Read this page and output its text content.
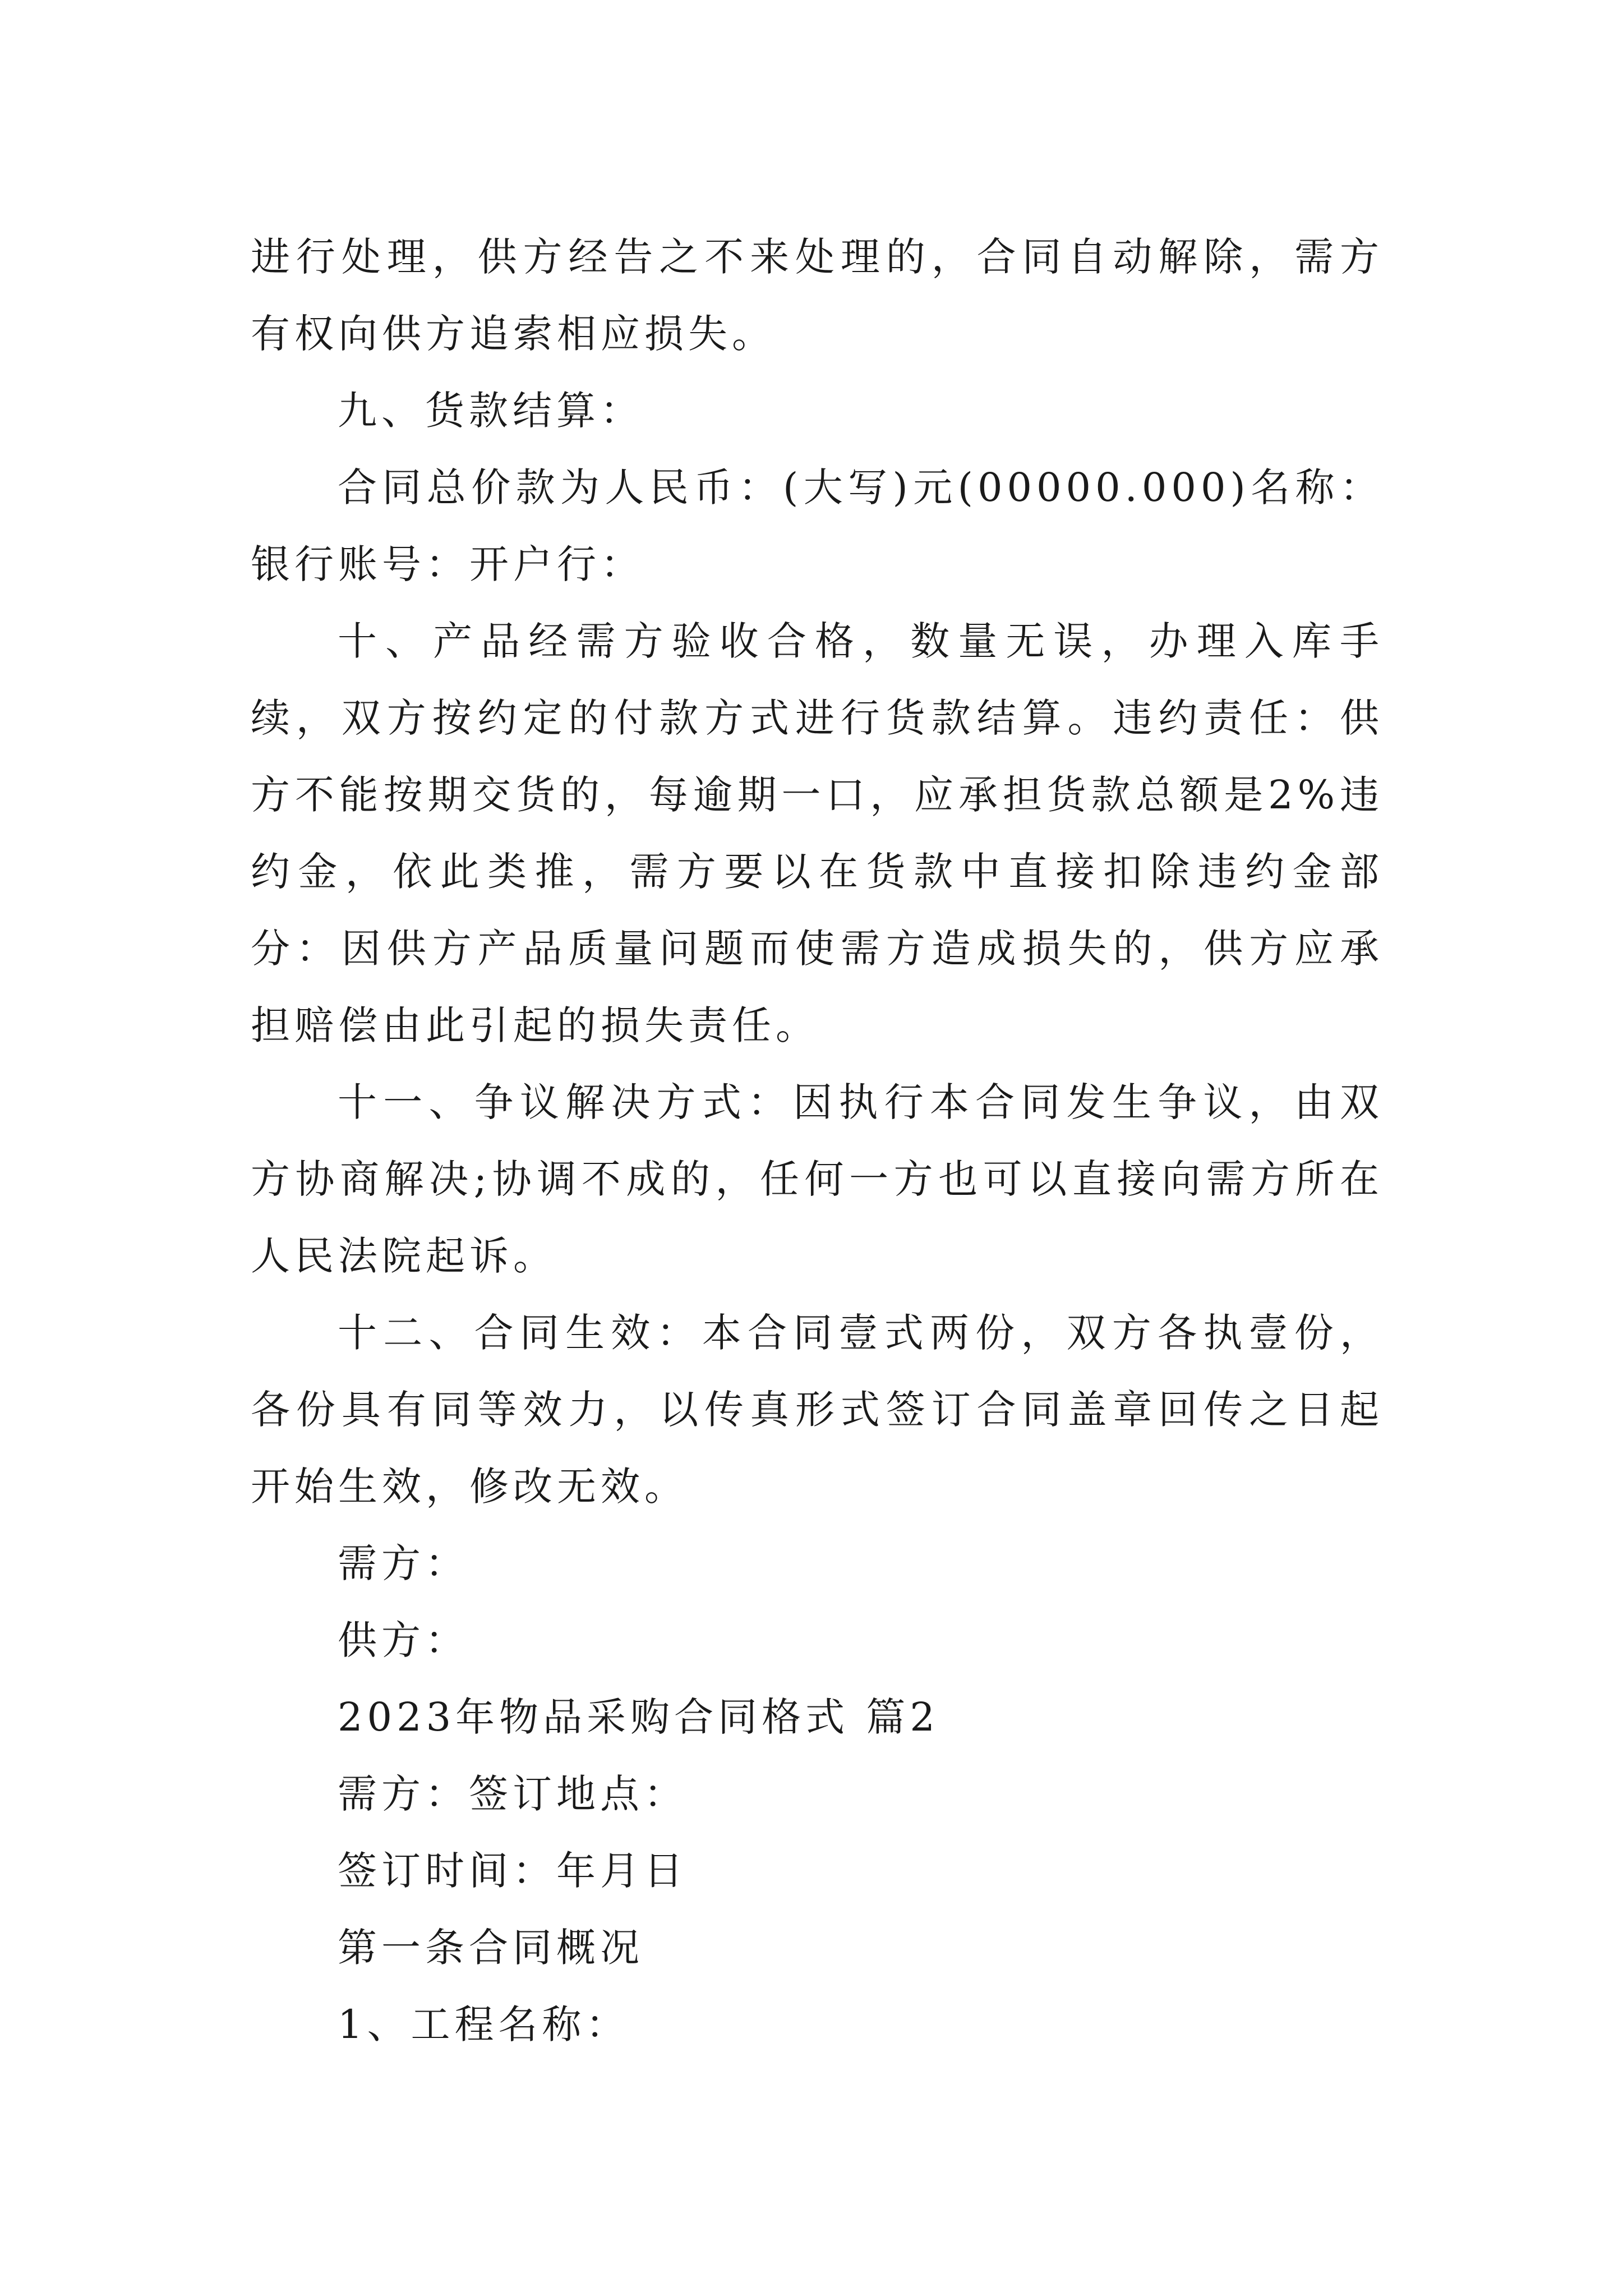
进行处理，供方经告之不来处理的，合同自动解除，需方有权向供方追索相应损失。

九、货款结算：

合同总价款为人民币：(大写)元(00000.000)名称：银行账号：开户行：

十、产品经需方验收合格，数量无误，办理入库手续，双方按约定的付款方式进行货款结算。违约责任：供方不能按期交货的，每逾期一口，应承担货款总额是2%违约金，依此类推，需方要以在货款中直接扣除违约金部分：因供方产品质量问题而使需方造成损失的，供方应承担赔偿由此引起的损失责任。

十一、争议解决方式：因执行本合同发生争议，由双方协商解决;协调不成的，任何一方也可以直接向需方所在人民法院起诉。

十二、合同生效：本合同壹式两份，双方各执壹份，各份具有同等效力，以传真形式签订合同盖章回传之日起开始生效，修改无效。

需方：

供方：

2023年物品采购合同格式 篇2

需方：签订地点：

签订时间：年月日

第一条合同概况

1、工程名称：
